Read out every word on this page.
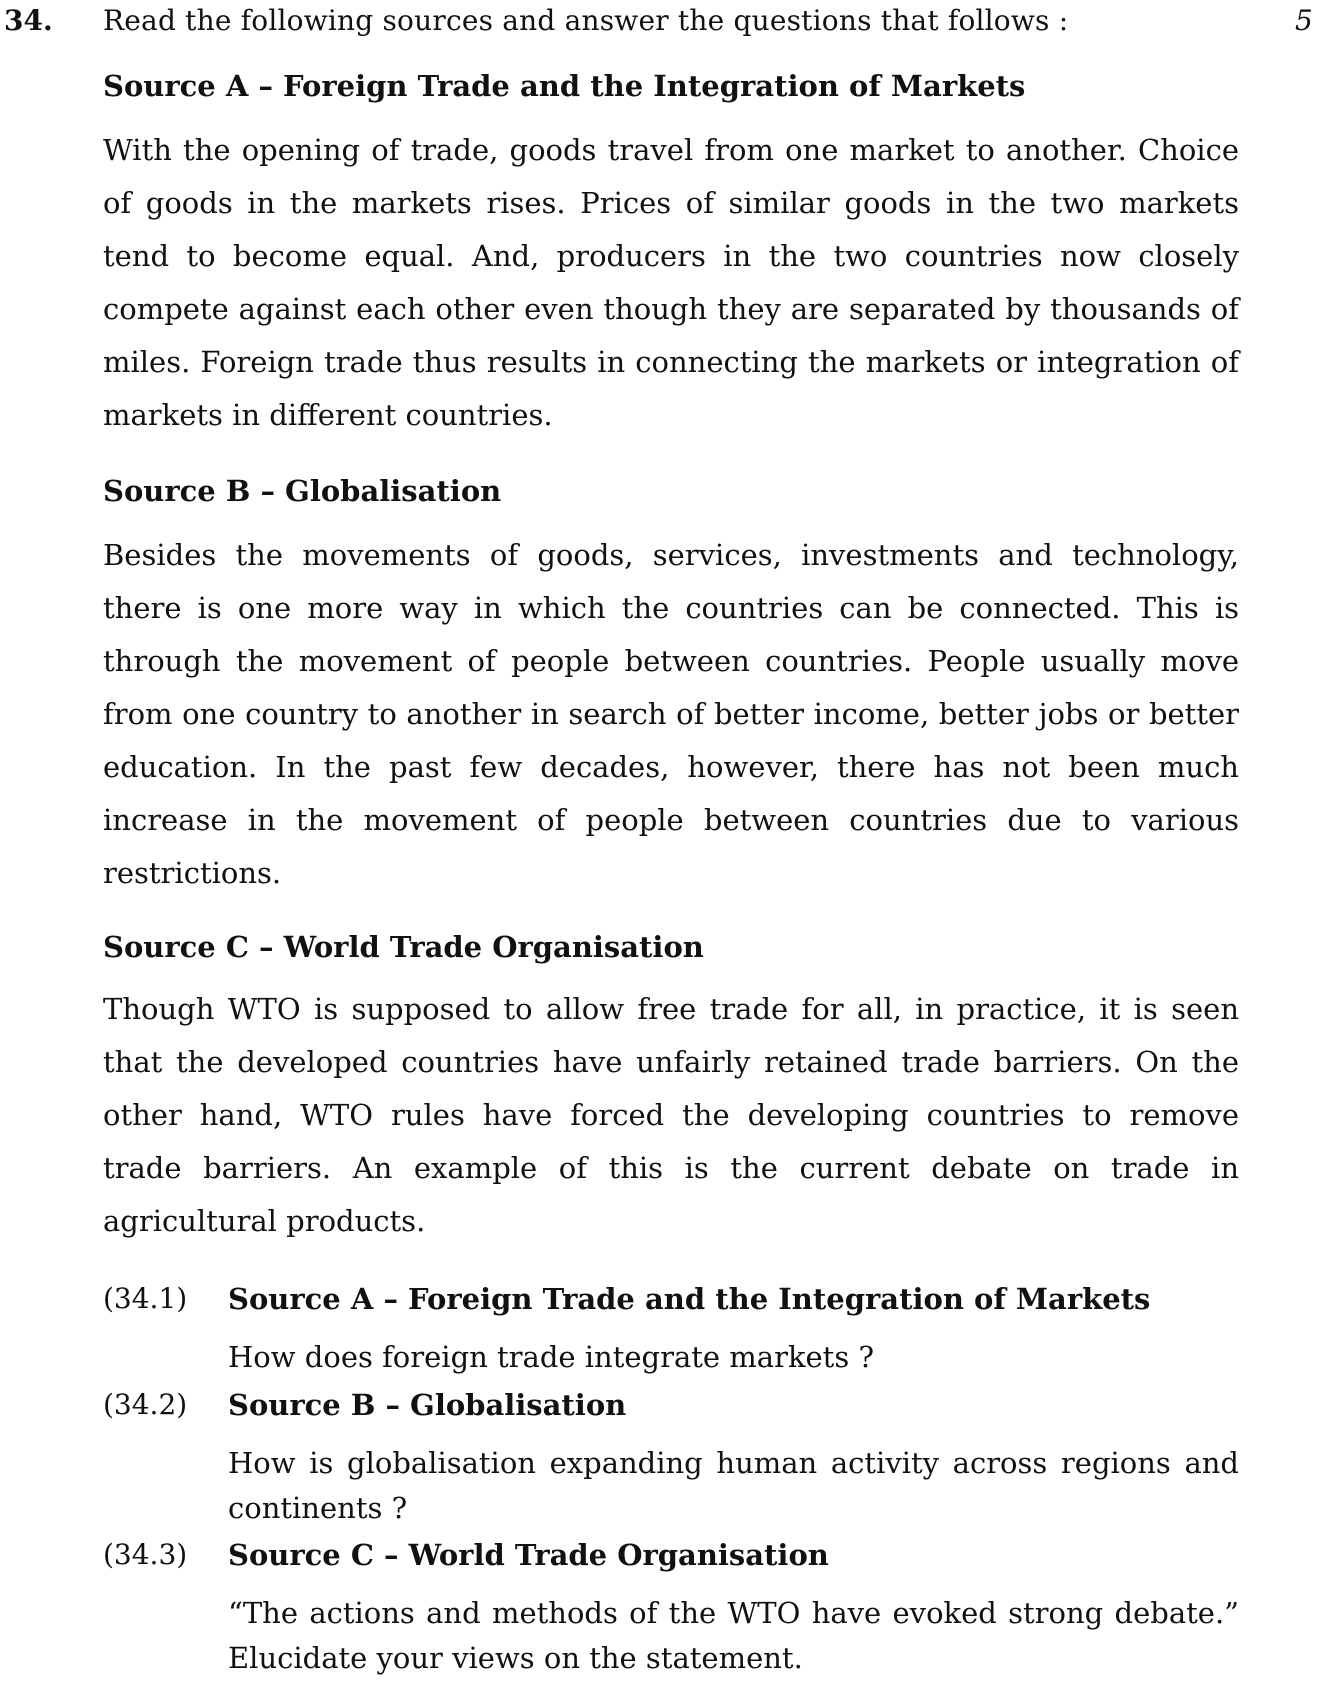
34. Read the following sources and answer the questions that follows :	5
Source A – Foreign Trade and the Integration of Markets
With the opening of trade, goods travel from one market to another. Choice of goods in the markets rises. Prices of similar goods in the two markets tend to become equal. And, producers in the two countries now closely compete against each other even though they are separated by thousands of miles. Foreign trade thus results in connecting the markets or integration of markets in different countries.
Source B – Globalisation
Besides the movements of goods, services, investments and technology, there is one more way in which the countries can be connected. This is through the movement of people between countries. People usually move from one country to another in search of better income, better jobs or better education. In the past few decades, however, there has not been much increase in the movement of people between countries due to various restrictions.
Source C – World Trade Organisation
Though WTO is supposed to allow free trade for all, in practice, it is seen that the developed countries have unfairly retained trade barriers. On the other hand, WTO rules have forced the developing countries to remove trade barriers. An example of this is the current debate on trade in agricultural products.
(34.1) Source A – Foreign Trade and the Integration of Markets
How does foreign trade integrate markets ?
(34.2) Source B – Globalisation
How is globalisation expanding human activity across regions and continents ?
(34.3) Source C – World Trade Organisation
“The actions and methods of the WTO have evoked strong debate.” Elucidate your views on the statement.
